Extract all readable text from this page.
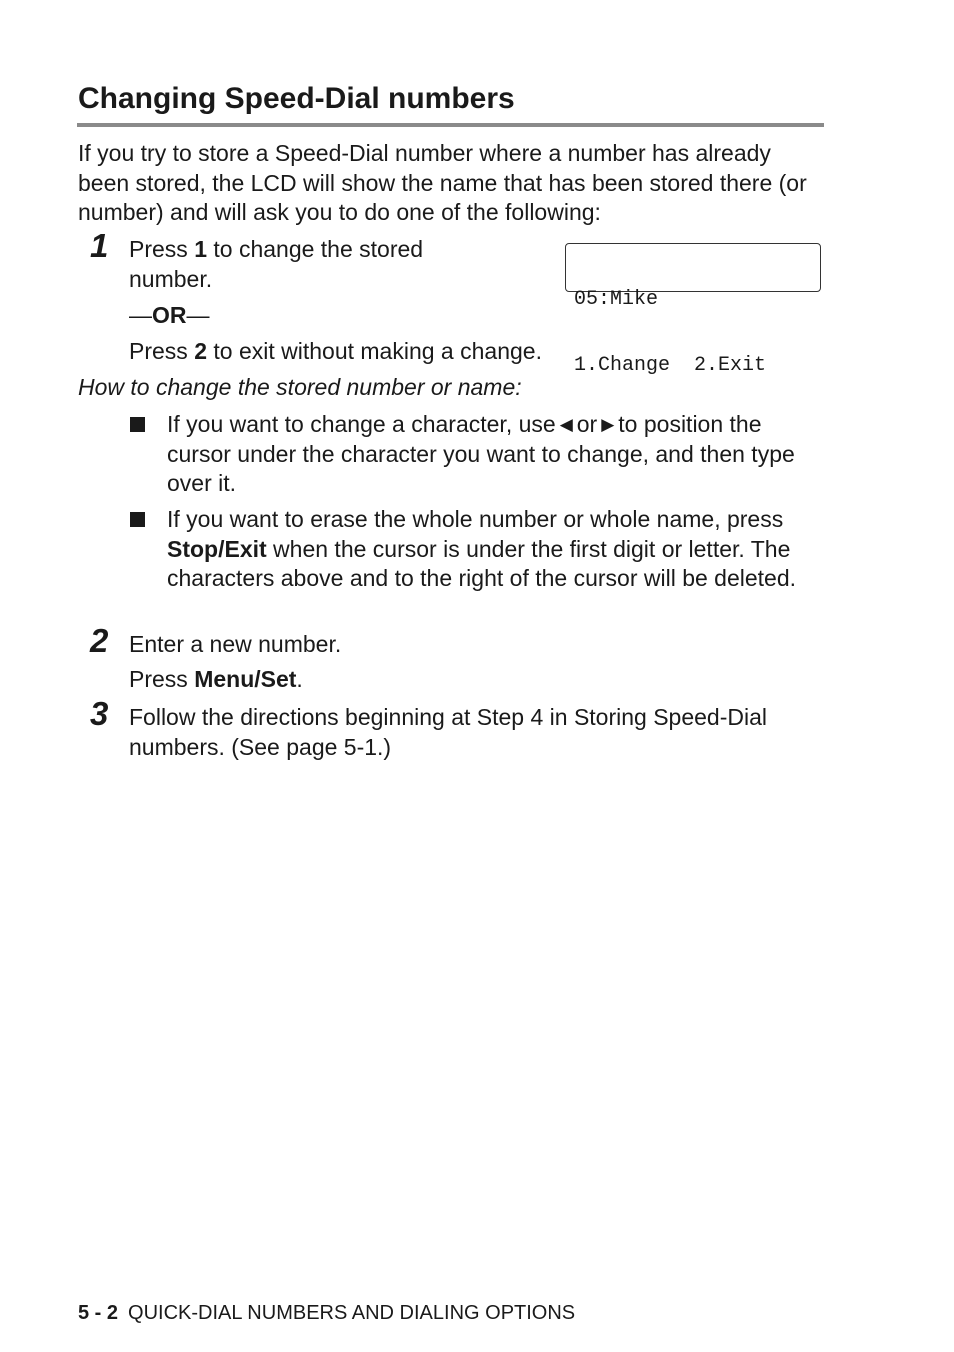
Changing Speed-Dial numbers

If you try to store a Speed-Dial number where a number has already been stored, the LCD will show the name that has been stored there (or number) and will ask you to do one of the following:

1 Press 1 to change the stored number.

05:Mike

1.Change  2.Exit

—OR—

Press 2 to exit without making a change.

How to change the stored number or name:

If you want to change a character, use ◀ or ▶ to position the cursor under the character you want to change, and then type over it.

If you want to erase the whole number or whole name, press Stop/Exit when the cursor is under the first digit or letter. The characters above and to the right of the cursor will be deleted.

2 Enter a new number.

Press Menu/Set.

3 Follow the directions beginning at Step 4 in Storing Speed-Dial numbers. (See page 5-1.)

5 - 2 QUICK-DIAL NUMBERS AND DIALING OPTIONS
